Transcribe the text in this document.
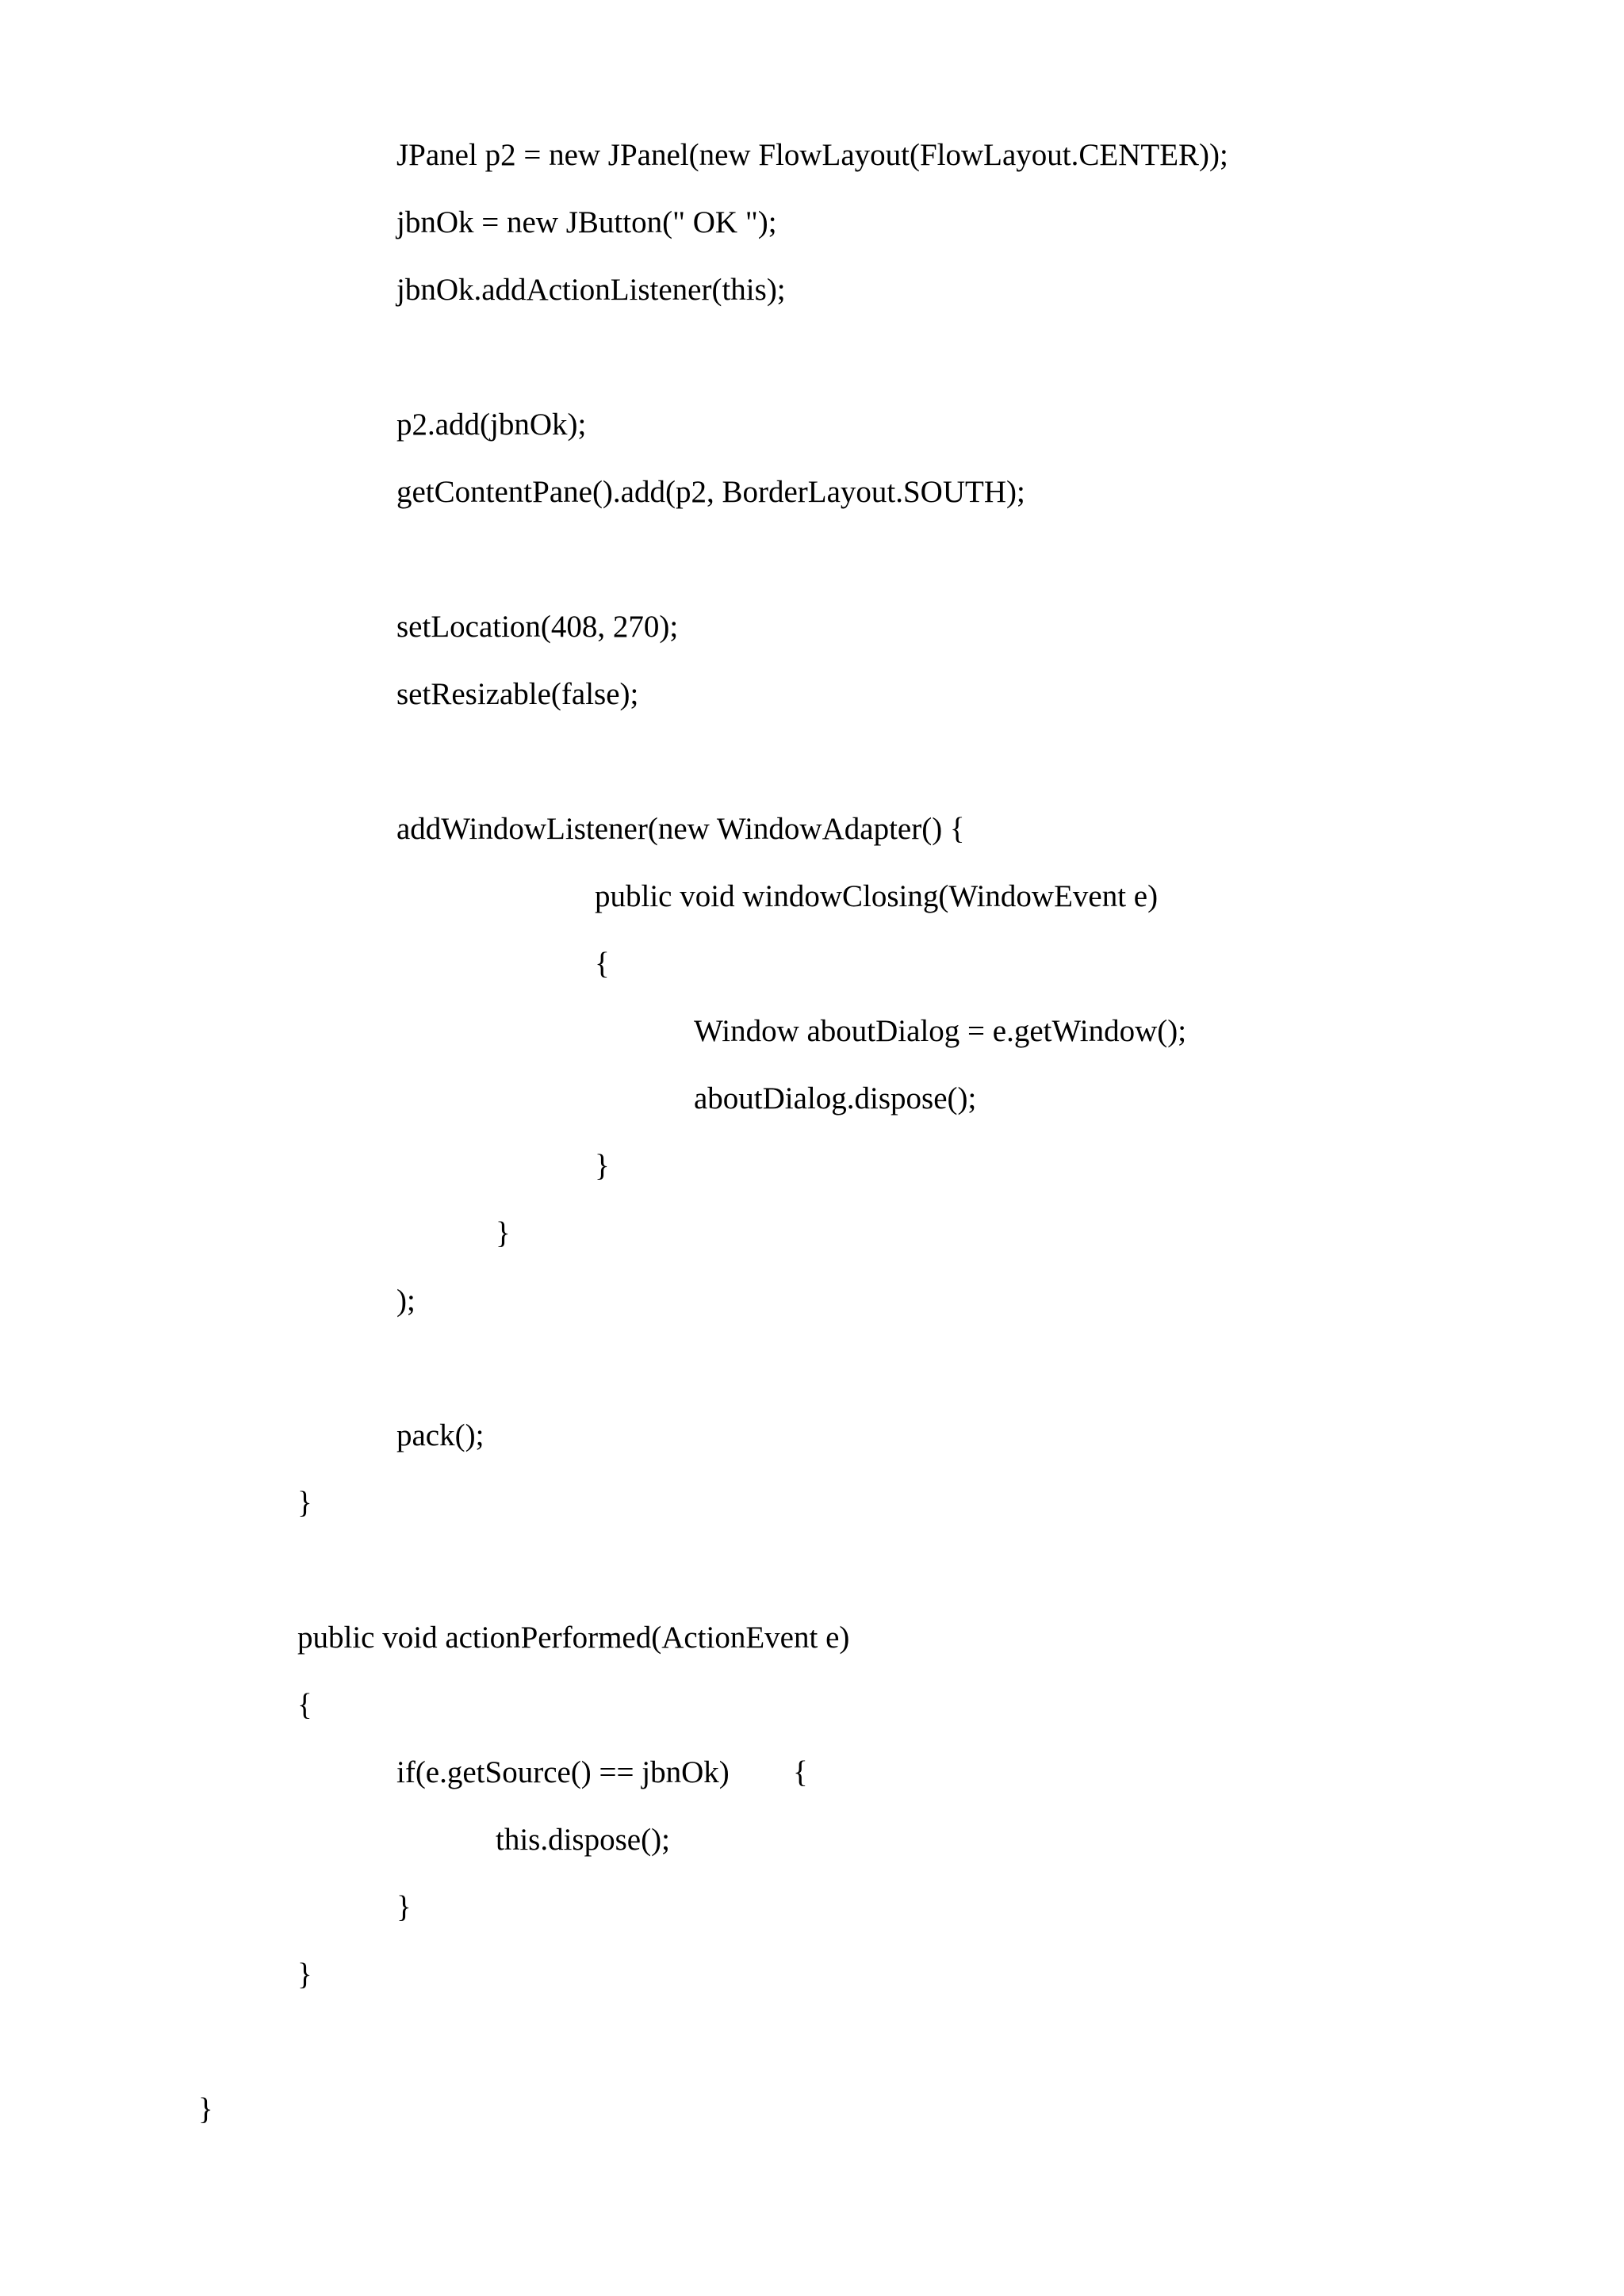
JPanel p2 = new JPanel(new FlowLayout(FlowLayout.CENTER));
jbnOk = new JButton(" OK ");
jbnOk.addActionListener(this);
p2.add(jbnOk);
getContentPane().add(p2, BorderLayout.SOUTH);
setLocation(408, 270);
setResizable(false);
addWindowListener(new WindowAdapter() {
public void windowClosing(WindowEvent e)
{
Window aboutDialog = e.getWindow();
aboutDialog.dispose();
}
}
);
pack();
}
public void actionPerformed(ActionEvent e)
{
if(e.getSource() == jbnOk) {
this.dispose();
}
}
}
